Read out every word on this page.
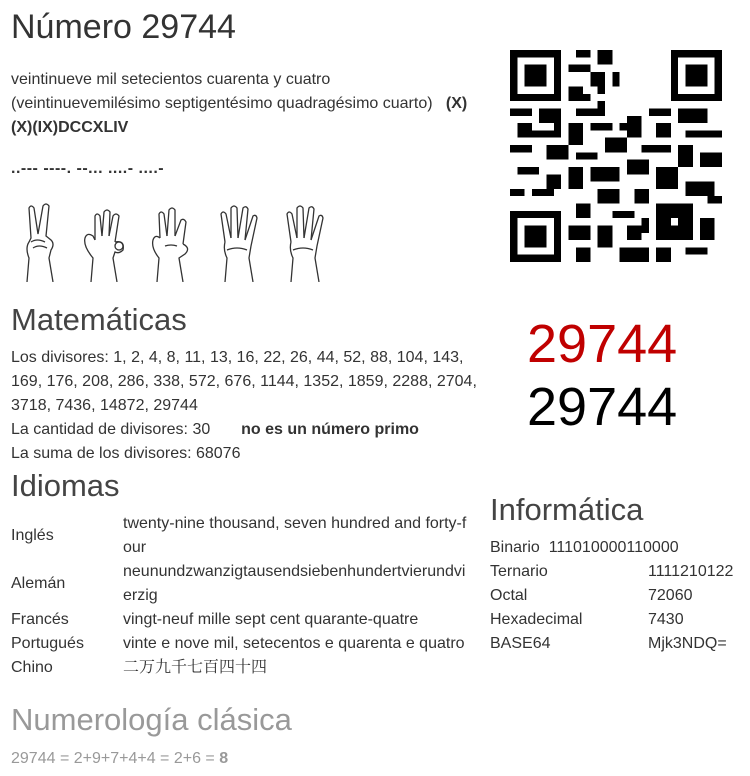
Número 29744
veintinueve mil setecientos cuarenta y cuatro   (veintinuevemilésimo septigentésimo quadragésimo cuarto) (X)(X)(IX)DCCXLIV
..--- ----. --... ....- ....-
29744
29744
Matemáticas
Los divisores: 1, 2, 4, 8, 11, 13, 16, 22, 26, 44, 52, 88, 104, 143, 169, 176, 208, 286, 338, 572, 676, 1144, 1352, 1859, 2288, 2704, 3718, 7436, 14872, 29744
La cantidad de divisores: 30 no es un número primo
La suma de los divisores: 68076
Idiomas
Inglés	twenty-nine thousand, seven hundred and forty-four
Alemán	neunundzwanzigtausendsiebenhundertvierundvierzig
Francés	vingt-neuf mille sept cent quarante-quatre
Portugués	vinte e nove mil, setecentos e quarenta e quatro
Chino	二万九千七百四十四
Informática
Binario 111010000110000
Ternario	1111210122
Octal	72060
Hexadecimal	7430
BASE64	Mjk3NDQ=
Numerología clásica
29744 = 2+9+7+4+4 = 2+6 = 8
